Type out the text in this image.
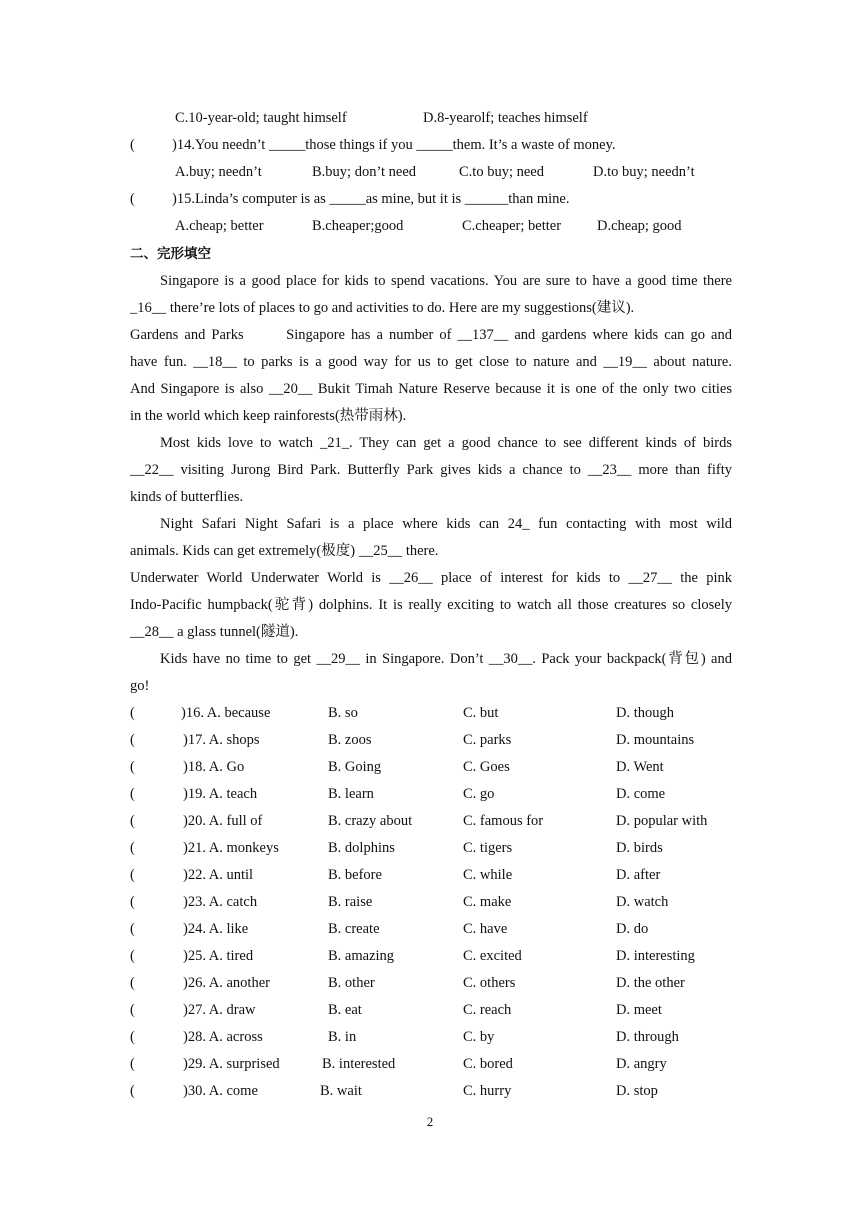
C.10-year-old; taught himself	D.8-yearolf; teaches himself
(	)14.You needn’t _____those things if you _____them. It’s a waste of money.
A.buy; needn’t	B.buy; don’t need	C.to buy; need	D.to buy; needn’t
(	)15.Linda’s computer is as _____as mine, but it is ______than mine.
A.cheap; better	B.cheaper;good	C.cheaper; better D.cheap; good
二、完形填空
Singapore is a good place for kids to spend vacations. You are sure to have a good time there
_16__ there’re lots of places to go and activities to do. Here are my suggestions(建议).
Gardens and Parks       Singapore has a number of __137__ and gardens where kids can go and
have fun. __18__ to parks is a good way for us to get close to nature and __19__ about nature.
And Singapore is also __20__ Bukit Timah Nature Reserve because it is one of the only two cities
in the world which keep rainforests(热带雨林).
Most kids love to watch _21_. They can get a good chance to see different kinds of birds
__22__ visiting Jurong Bird Park. Butterfly Park gives kids a chance to __23__ more than fifty
kinds of butterflies.
Night Safari Night Safari is a place where kids can 24_ fun contacting with most wild
animals. Kids can get extremely(极度) __25__ there.
Underwater World Underwater World is __26__ place of interest for kids to __27__ the pink
Indo-Pacific humpback(驼背) dolphins. It is really exciting to watch all those creatures so closely
__28__ a glass tunnel(隧道).
Kids have no time to get __29__ in Singapore. Don’t __30__. Pack your backpack(背包) and
go!
(	)16. A. because	B. so	C. but	D. though
(	)17. A. shops	B. zoos	C. parks	D. mountains
(	)18. A. Go	B. Going	C. Goes	D. Went
(	)19. A. teach	B. learn	C. go	D. come
(	)20. A. full of	B. crazy about	C. famous for	D. popular with
(	)21. A. monkeys	B. dolphins	C. tigers	D. birds
(	)22. A. until	B. before	C. while	D. after
(	)23. A. catch	B. raise	C. make	D. watch
(	)24. A. like	B. create	C. have	D. do
(	)25. A. tired	B. amazing	C. excited	D. interesting
(	)26. A. another	B. other	C. others	D. the other
(	)27. A. draw	B. eat	C. reach	D. meet
(	)28. A. across	B. in	C. by	D. through
(	)29. A. surprised	B. interested	C. bored	D. angry
(	)30. A. come	B. wait	C. hurry	D. stop
2
